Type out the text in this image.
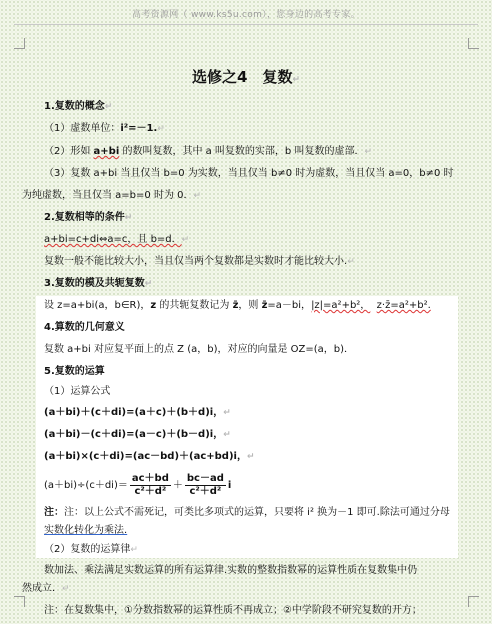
高考资源网（ www.ks5u.com），您身边的高考专家。
选修之4　复数↵
1.复数的概念↵
（1）虚数单位：i²=－1.↵
（2）形如 a+bi 的数叫复数，其中 a 叫复数的实部，b 叫复数的虚部．↵
（3）复数 a+bi 当且仅当 b=0 为实数，当且仅当 b≠0 时为虚数，当且仅当 a=0，b≠0 时
为纯虚数，当且仅当 a=b=0 时为 0．↵
2.复数相等的条件↵
a+bi=c+di⇔a=c，且 b=d．↵
复数一般不能比较大小，当且仅当两个复数都是实数时才能比较大小.↵
3.复数的模及共轭复数↵
设 z=a+bi(a，b∈R)，z 的共轭复数记为 z̄，则 z̄=a－bi，|z|=a²+b²， z·z̄=a²+b².
4.算数的几何意义
复数 a+bi 对应复平面上的点 Z (a，b)，对应的向量是 OZ=(a，b)．
5.复数的运算
（1）运算公式
(a＋bi)＋(c＋di)=(a＋c)＋(b＋d)i，↵
(a＋bi)－(c＋di)=(a－c)＋(b－d)i，↵
(a＋bi)×(c＋di)=(ac－bd)＋(ac+bd)i，↵
$(a+bi)\div(c+di)= \frac{ac+bd}{\text{c²＋d²}} + \frac{bc-ad}{\text{c²＋d²}}$ i
注：注：以上公式不需死记，可类比多项式的运算，只要将 i² 换为－1 即可.除法可通过分母
实数化转化为乘法.
（2）复数的运算律↵
数加法、乘法满足实数运算的所有运算律.实数的整数指数幂的运算性质在复数集中仍
然成立．↵
注：在复数集中，①分数指数幂的运算性质不再成立；②中学阶段不研究复数的开方；
